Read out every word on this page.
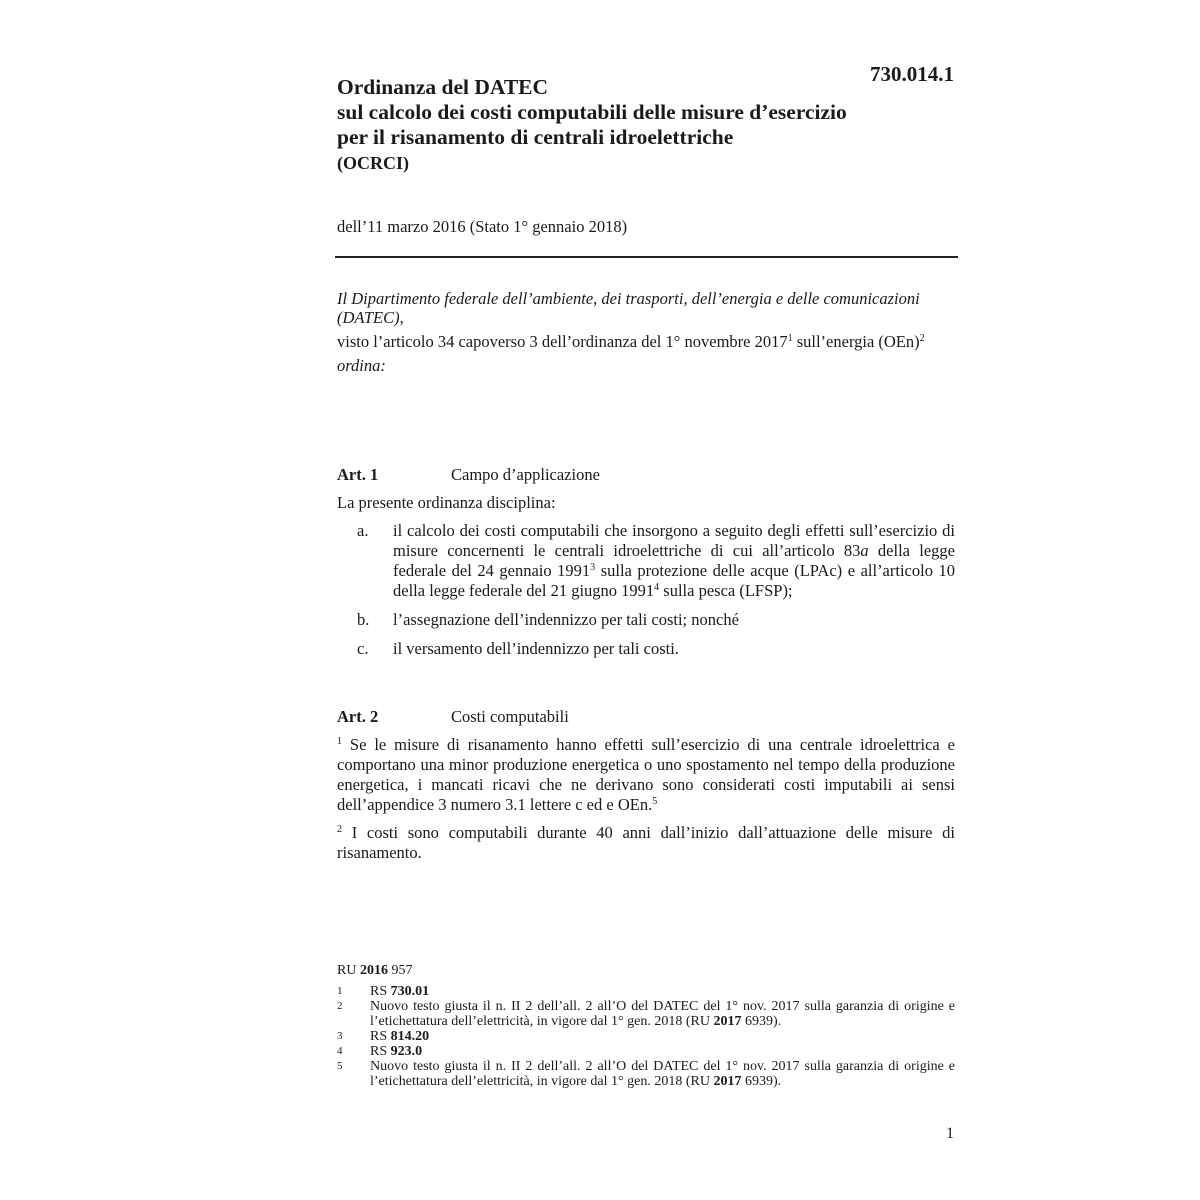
730.014.1
Ordinanza del DATEC
sul calcolo dei costi computabili delle misure d’esercizio
per il risanamento di centrali idroelettriche
(OCRCI)
dell’11 marzo 2016 (Stato 1° gennaio 2018)

Il Dipartimento federale dell’ambiente, dei trasporti, dell’energia e delle comunicazioni (DATEC),

visto l’articolo 34 capoverso 3 dell’ordinanza del 1° novembre 2017$^1$ sull’energia (OEn)$^2$

ordina:

Art. 1	Campo d’applicazione

La presente ordinanza disciplina:

a.	il calcolo dei costi computabili che insorgono a seguito degli effetti sull’esercizio di misure concernenti le centrali idroelettriche di cui all’articolo 83a della legge federale del 24 gennaio 1991$^3$ sulla protezione delle acque (LPAc) e all’articolo 10 della legge federale del 21 giugno 1991$^4$ sulla pesca (LFSP);
b.	l’assegnazione dell’indennizzo per tali costi; nonché
c.	il versamento dell’indennizzo per tali costi.
Art. 2	Costi computabili

$^1$ Se le misure di risanamento hanno effetti sull’esercizio di una centrale idroelettrica e comportano una minor produzione energetica o uno spostamento nel tempo della produzione energetica, i mancati ricavi che ne derivano sono considerati costi imputabili ai sensi dell’appendice 3 numero 3.1 lettere c ed e OEn.$^5$

$^2$ I costi sono computabili durante 40 anni dall’inizio dall’attuazione delle misure di risanamento.

RU 2016 957
1	RS 730.01
2	Nuovo testo giusta il n. II 2 dell’all. 2 all’O del DATEC del 1° nov. 2017 sulla garanzia di origine e l’etichettatura dell’elettricità, in vigore dal 1° gen. 2018 (RU 2017 6939).
3	RS 814.20
4	RS 923.0
5	Nuovo testo giusta il n. II 2 dell’all. 2 all’O del DATEC del 1° nov. 2017 sulla garanzia di origine e l’etichettatura dell’elettricità, in vigore dal 1° gen. 2018 (RU 2017 6939).
1
